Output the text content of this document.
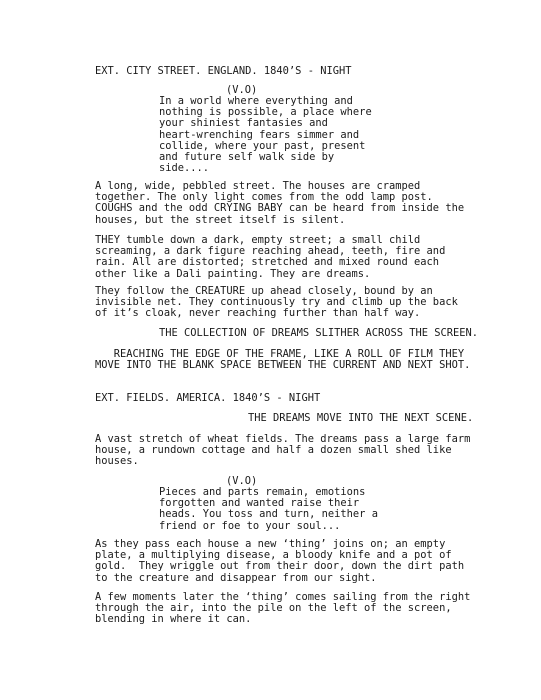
EXT. CITY STREET. ENGLAND. 1840’S - NIGHT
(V.O)
In a world where everything and
nothing is possible, a place where
your shiniest fantasies and
heart-wrenching fears simmer and
collide, where your past, present
and future self walk side by
side....
A long, wide, pebbled street. The houses are cramped
together. The only light comes from the odd lamp post.
COUGHS and the odd CRYING BABY can be heard from inside the
houses, but the street itself is silent.
THEY tumble down a dark, empty street; a small child
screaming, a dark figure reaching ahead, teeth, fire and
rain. All are distorted; stretched and mixed round each
other like a Dali painting. They are dreams.
They follow the CREATURE up ahead closely, bound by an
invisible net. They continuously try and climb up the back
of it’s cloak, never reaching further than half way.
THE COLLECTION OF DREAMS SLITHER ACROSS THE SCREEN.
REACHING THE EDGE OF THE FRAME, LIKE A ROLL OF FILM THEY
MOVE INTO THE BLANK SPACE BETWEEN THE CURRENT AND NEXT SHOT.
EXT. FIELDS. AMERICA. 1840’S - NIGHT
THE DREAMS MOVE INTO THE NEXT SCENE.
A vast stretch of wheat fields. The dreams pass a large farm
house, a rundown cottage and half a dozen small shed like
houses.
(V.O)
Pieces and parts remain, emotions
forgotten and wanted raise their
heads. You toss and turn, neither a
friend or foe to your soul...
As they pass each house a new ‘thing’ joins on; an empty
plate, a multiplying disease, a bloody knife and a pot of
gold.  They wriggle out from their door, down the dirt path
to the creature and disappear from our sight.
A few moments later the ‘thing’ comes sailing from the right
through the air, into the pile on the left of the screen,
blending in where it can.
